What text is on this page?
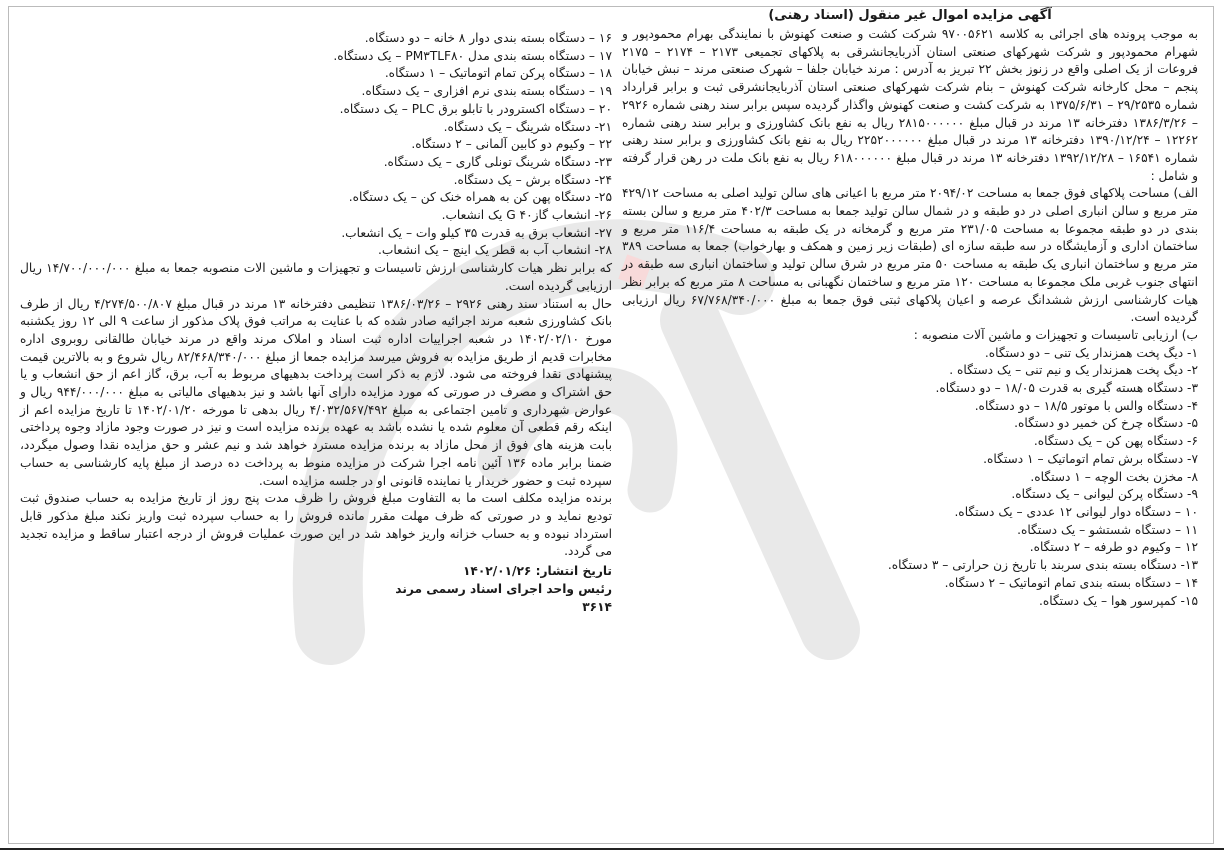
آگهی مزایده اموال غیر منقول (اسناد رهنی)

به موجب پرونده های اجرائی به کلاسه ۹۷۰۰۵۶۲۱ شرکت کشت و صنعت کهنوش با نمایندگی بهرام محمودپور و شهرام محمودپور و شرکت شهرکهای صنعتی استان آذربایجانشرقی به پلاکهای تجمیعی ۲۱۷۳ – ۲۱۷۴ – ۲۱۷۵ فروعات از یک اصلی واقع در زنوز بخش ۲۲ تبریز به آدرس : مرند خیابان جلفا – شهرک صنعتی مرند – نبش خیابان پنجم – محل کارخانه شرکت کهنوش – بنام شرکت شهرکهای صنعتی استان آذربایجانشرقی ثبت و برابر قرارداد شماره ۲۹/۲۵۳۵ – ۱۳۷۵/۶/۳۱ به شرکت کشت و صنعت کهنوش واگذار گردیده سپس برابر سند رهنی شماره ۲۹۲۶ – ۱۳۸۶/۳/۲۶ دفترخانه ۱۳ مرند در قبال مبلغ ۲۸۱۵۰۰۰۰۰۰ ریال به نفع بانک کشاورزی و برابر سند رهنی شماره ۱۲۲۶۲ – ۱۳۹۰/۱۲/۲۴ دفترخانه ۱۳ مرند در قبال مبلغ ۲۲۵۲۰۰۰۰۰۰ ریال به نفع بانک کشاورزی و برابر سند رهنی شماره ۱۶۵۴۱ – ۱۳۹۲/۱۲/۲۸ دفترخانه ۱۳ مرند در قبال مبلغ ۶۱۸۰۰۰۰۰۰ ریال به نفع بانک ملت در رهن قرار گرفته و شامل :

الف) مساحت پلاکهای فوق جمعا به مساحت ۲۰۹۴/۰۲ متر مربع با اعیانی های سالن تولید اصلی به مساحت ۴۲۹/۱۲ متر مربع و سالن انباری اصلی در دو طبقه و در شمال سالن تولید جمعا به مساحت ۴۰۲/۳ متر مربع و سالن بسته بندی در دو طبقه مجموعا به مساحت ۲۳۱/۰۵ متر مربع و گرمخانه در یک طبقه به مساحت ۱۱۶/۴ متر مربع و ساختمان اداری و آزمایشگاه در سه طبقه سازه ای (طبقات زیر زمین و همکف و بهارخواب) جمعا به مساحت ۳۸۹ متر مربع و ساختمان انباری یک طبقه به مساحت ۵۰ متر مربع در شرق سالن تولید و ساختمان انباری سه طبقه در انتهای جنوب غربی ملک مجموعا به مساحت ۱۲۰ متر مربع و ساختمان نگهبانی به مساحت ۸ متر مربع که برابر نظر هیات کارشناسی ارزش ششدانگ عرصه و اعیان پلاکهای ثبتی فوق جمعا به مبلغ ۶۷/۷۶۸/۳۴۰/۰۰۰ ریال ارزیابی گردیده است.

ب) ارزیابی تاسیسات و تجهیزات و ماشین آلات منصوبه :

۱- دیگ پخت همزندار یک تنی – دو دستگاه.
۲- دیگ پخت همزندار یک و نیم تنی – یک دستگاه .
۳- دستگاه هسته گیری به قدرت ۱۸/۰۵ – دو دستگاه.
۴- دستگاه والس با موتور ۱۸/۵ – دو دستگاه.
۵- دستگاه چرخ کن خمیر دو دستگاه.
۶- دستگاه پهن کن – یک دستگاه.
۷- دستگاه برش تمام اتوماتیک – ۱ دستگاه.
۸- مخزن بخت الوچه – ۱ دستگاه.
۹- دستگاه پرکن لیوانی – یک دستگاه.
۱۰ – دستگاه دوار لیوانی ۱۲ عددی – یک دستگاه.
۱۱ – دستگاه شستشو – یک دستگاه.
۱۲ – وکیوم دو طرفه – ۲ دستگاه.
۱۳- دستگاه بسته بندی سربند با تاریخ زن حرارتی – ۳ دستگاه.
۱۴ – دستگاه بسته بندی تمام اتوماتیک – ۲ دستگاه.
۱۵- کمپرسور هوا – یک دستگاه.
۱۶ – دستگاه بسته بندی دوار ۸ خانه – دو دستگاه.
۱۷ – دستگاه بسته بندی مدل PM۳TLF۸۰ – یک دستگاه.
۱۸ – دستگاه پرکن تمام اتوماتیک – ۱ دستگاه.
۱۹ – دستگاه بسته بندی نرم افزاری – یک دستگاه.
۲۰ – دستگاه اکسترودر با تابلو برق PLC – یک دستگاه.
۲۱- دستگاه شرینگ – یک دستگاه.
۲۲ – وکیوم دو کابین آلمانی – ۲ دستگاه.
۲۳- دستگاه شرینگ تونلی گاری – یک دستگاه.
۲۴- دستگاه برش – یک دستگاه.
۲۵- دستگاه پهن کن به همراه خنک کن – یک دستگاه.
۲۶- انشعاب گازG ۴۰ یک انشعاب.
۲۷- انشعاب برق به قدرت ۳۵ کیلو وات – یک انشعاب.
۲۸- انشعاب آب به قطر یک اینچ – یک انشعاب.

که برابر نظر هیات کارشناسی ارزش تاسیسات و تجهیزات و ماشین الات منصوبه جمعا به مبلغ ۱۴/۷۰۰/۰۰۰/۰۰۰ ریال ارزیابی گردیده است.

حال به استناد سند رهنی ۲۹۲۶ – ۱۳۸۶/۰۳/۲۶ تنظیمی دفترخانه ۱۳ مرند در قبال مبلغ ۴/۲۷۴/۵۰۰/۸۰۷ ریال از طرف بانک کشاورزی شعبه مرند اجرائیه صادر شده که با عنایت به مراتب فوق پلاک مذکور از ساعت ۹ الی ۱۲ روز یکشنبه مورخ ۱۴۰۲/۰۲/۱۰ در شعبه اجراییات اداره ثبت اسناد و املاک مرند واقع در مرند خیابان طالقانی روبروی اداره مخابرات قدیم از طریق مزایده به فروش میرسد مزایده جمعا از مبلغ ۸۲/۴۶۸/۳۴۰/۰۰۰ ریال شروع و به بالاترین قیمت پیشنهادی نقدا فروخته می شود. لازم به ذکر است پرداخت بدهیهای مربوط به آب، برق، گاز اعم از حق انشعاب و یا حق اشتراک و مصرف در صورتی که مورد مزایده دارای آنها باشد و نیز بدهیهای مالیاتی به مبلغ ۹۴۴/۰۰۰/۰۰۰ ریال و عوارض شهرداری و تامین اجتماعی به مبلغ ۴/۰۳۲/۵۶۷/۴۹۲ ریال بدهی تا مورخه ۱۴۰۲/۰۱/۲۰ تا تاریخ مزایده اعم از اینکه رقم قطعی آن معلوم شده یا نشده باشد به عهده برنده مزایده است و نیز در صورت وجود مازاد وجوه پرداختی بابت هزینه های فوق از محل مازاد به برنده مزایده مسترد خواهد شد و نیم عشر و حق مزایده نقدا وصول میگردد، ضمنا برابر ماده ۱۳۶ آئین نامه اجرا شرکت در مزایده منوط به پرداخت ده درصد از مبلغ پایه کارشناسی به حساب سپرده ثبت و حضور خریدار یا نماینده قانونی او در جلسه مزایده است.

برنده مزایده مکلف است ما به التفاوت مبلغ فروش را ظرف مدت پنج روز از تاریخ مزایده به حساب صندوق ثبت تودیع نماید و در صورتی که ظرف مهلت مقرر مانده فروش را به حساب سپرده ثبت واریز نکند مبلغ مذکور قابل استرداد نبوده و به حساب خزانه واریز خواهد شد در این صورت عملیات فروش از درجه اعتبار ساقط و مزایده تجدید می گردد.

تاریخ انتشار: ۱۴۰۲/۰۱/۲۶
رئیس واحد اجرای اسناد رسمی مرند
۳۶۱۴
